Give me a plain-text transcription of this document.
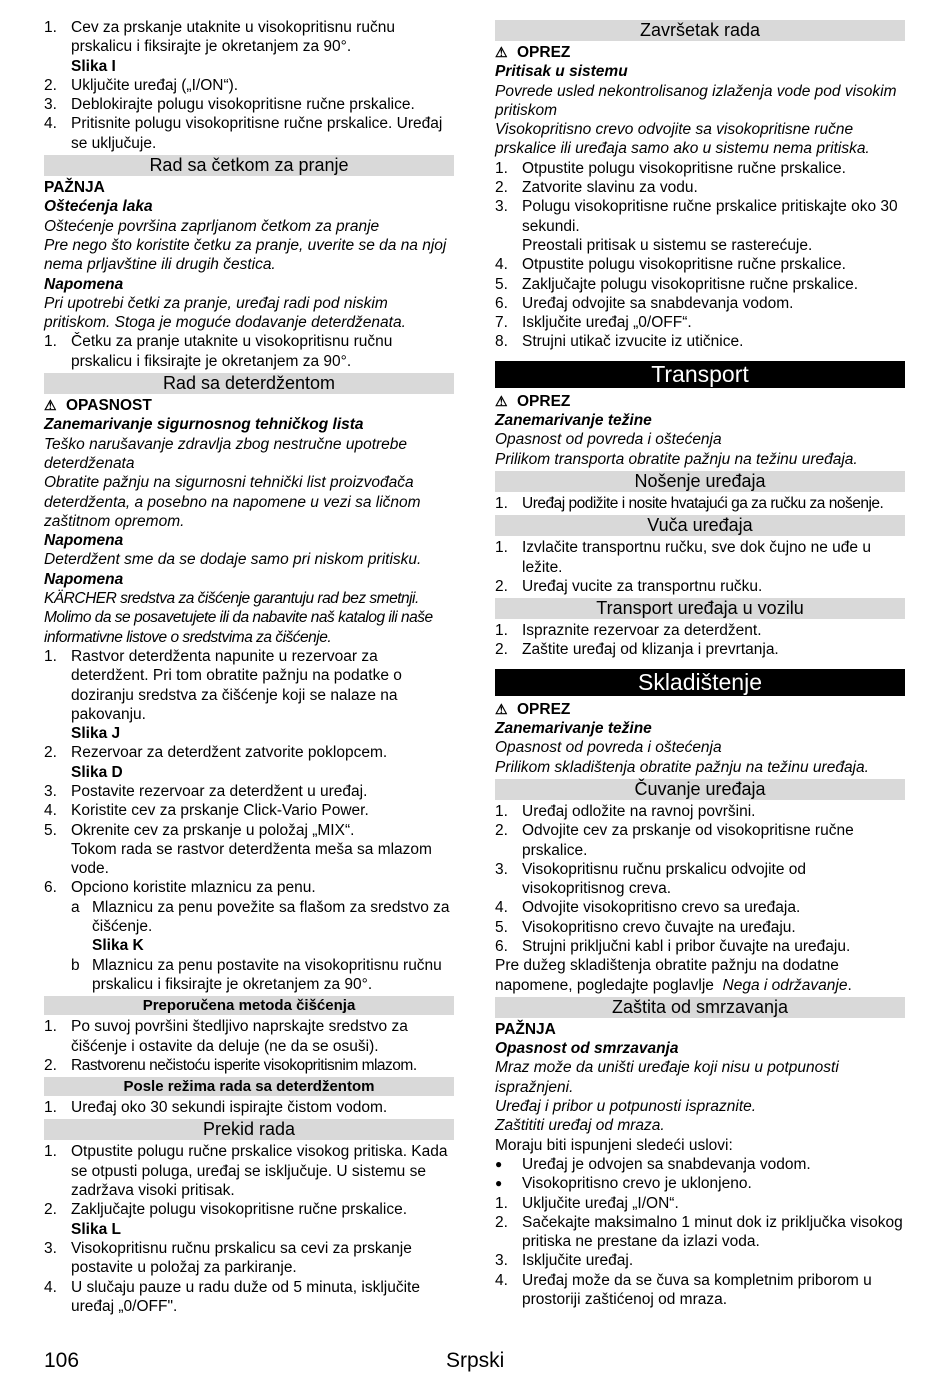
1. Cev za prskanje utaknite u visokopritisnu ručnu prskalicu i fiksirajte je okretanjem za 90°.
Slika I
2. Uključite uređaj („I/ON“).
3. Deblokirajte polugu visokopritisne ručne prskalice.
4. Pritisnite polugu visokopritisne ručne prskalice. Uređaj se uključuje.
Rad sa četkom za pranje
PAŽNJA
Oštećenja laka
Oštećenje površina zaprljanom četkom za pranje
Pre nego što koristite četku za pranje, uverite se da na njoj nema prljavštine ili drugih čestica.
Napomena
Pri upotrebi četki za pranje, uređaj radi pod niskim pritiskom. Stoga je moguće dodavanje deterdženata.
1. Četku za pranje utaknite u visokopritisnu ručnu prskalicu i fiksirajte je okretanjem za 90°.
Rad sa deterdžentom
⚠ OPASNOST
Zanemarivanje sigurnosnog tehničkog lista
Teško narušavanje zdravlja zbog nestručne upotrebe deterdženata
Obratite pažnju na sigurnosni tehnički list proizvođača deterdženta, a posebno na napomene u vezi sa ličnom zaštitnom opremom.
Napomena
Deterdžent sme da se dodaje samo pri niskom pritisku.
Napomena
KÄRCHER sredstva za čišćenje garantuju rad bez smetnji. Molimo da se posavetujete ili da nabavite naš katalog ili naše informativne listove o sredstvima za čišćenje.
1. Rastvor deterdženta napunite u rezervoar za deterdžent. Pri tom obratite pažnju na podatke o doziranju sredstva za čišćenje koji se nalaze na pakovanju.
Slika J
2. Rezervoar za deterdžent zatvorite poklopcem.
Slika D
3. Postavite rezervoar za deterdžent u uređaj.
4. Koristite cev za prskanje Click-Vario Power.
5. Okrenite cev za prskanje u položaj „MIX“.
Tokom rada se rastvor deterdženta meša sa mlazom vode.
6. Opciono koristite mlaznicu za penu.
a Mlaznicu za penu povežite sa flašom za sredstvo za čišćenje.
Slika K
b Mlaznicu za penu postavite na visokopritisnu ručnu prskalicu i fiksirajte je okretanjem za 90°.
Preporučena metoda čišćenja
1. Po suvoj površini štedljivo naprskajte sredstvo za čišćenje i ostavite da deluje (ne da se osuši).
2. Rastvorenu nečistoću isperite visokopritisnim mlazom.
Posle režima rada sa deterdžentom
1. Uređaj oko 30 sekundi ispirajte čistom vodom.
Prekid rada
1. Otpustite polugu ručne prskalice visokog pritiska. Kada se otpusti poluga, uređaj se isključuje. U sistemu se zadržava visoki pritisak.
2. Zaključajte polugu visokopritisne ručne prskalice.
Slika L
3. Visokopritisnu ručnu prskalicu sa cevi za prskanje postavite u položaj za parkiranje.
4. U slučaju pauze u radu duže od 5 minuta, isključite uređaj „0/OFF".
Završetak rada
⚠ OPREZ
Pritisak u sistemu
Povrede usled nekontrolisanog izlaženja vode pod visokim pritiskom
Visokopritisno crevo odvojite sa visokopritisne ručne prskalice ili uređaja samo ako u sistemu nema pritiska.
1. Otpustite polugu visokopritisne ručne prskalice.
2. Zatvorite slavinu za vodu.
3. Polugu visokopritisne ručne prskalice pritiskajte oko 30 sekundi.
Preostali pritisak u sistemu se rasterećuje.
4. Otpustite polugu visokopritisne ručne prskalice.
5. Zaključajte polugu visokopritisne ručne prskalice.
6. Uređaj odvojite sa snabdevanja vodom.
7. Isključite uređaj „0/OFF“.
8. Strujni utikač izvucite iz utičnice.
Transport
⚠ OPREZ
Zanemarivanje težine
Opasnost od povreda i oštećenja
Prilikom transporta obratite pažnju na težinu uređaja.
Nošenje uređaja
1. Uređaj podižite i nosite hvatajući ga za ručku za nošenje.
Vuča uređaja
1. Izvlačite transportnu ručku, sve dok čujno ne uđe u ležite.
2. Uređaj vucite za transportnu ručku.
Transport uređaja u vozilu
1. Ispraznite rezervoar za deterdžent.
2. Zaštite uređaj od klizanja i prevrtanja.
Skladištenje
⚠ OPREZ
Zanemarivanje težine
Opasnost od povreda i oštećenja
Prilikom skladištenja obratite pažnju na težinu uređaja.
Čuvanje uređaja
1. Uređaj odložite na ravnoj površini.
2. Odvojite cev za prskanje od visokopritisne ručne prskalice.
3. Visokopritisnu ručnu prskalicu odvojite od visokopritisnog creva.
4. Odvojite visokopritisno crevo sa uređaja.
5. Visokopritisno crevo čuvajte na uređaju.
6. Strujni priključni kabl i pribor čuvajte na uređaju.
Pre dužeg skladištenja obratite pažnju na dodatne napomene, pogledajte poglavlje Nega i održavanje.
Zaštita od smrzavanja
PAŽNJA
Opasnost od smrzavanja
Mraz može da uništi uređaje koji nisu u potpunosti ispražnjeni.
Uređaj i pribor u potpunosti ispraznite.
Zaštititi uređaj od mraza.
Moraju biti ispunjeni sledeći uslovi:
●	Uređaj je odvojen sa snabdevanja vodom.
●	Visokopritisno crevo je uklonjeno.
1. Uključite uređaj „I/ON“.
2. Sačekajte maksimalno 1 minut dok iz priključka visokog pritiska ne prestane da izlazi voda.
3. Isključite uređaj.
4. Uređaj može da se čuva sa kompletnim priborom u prostoriji zaštićenoj od mraza.
106	Srpski
